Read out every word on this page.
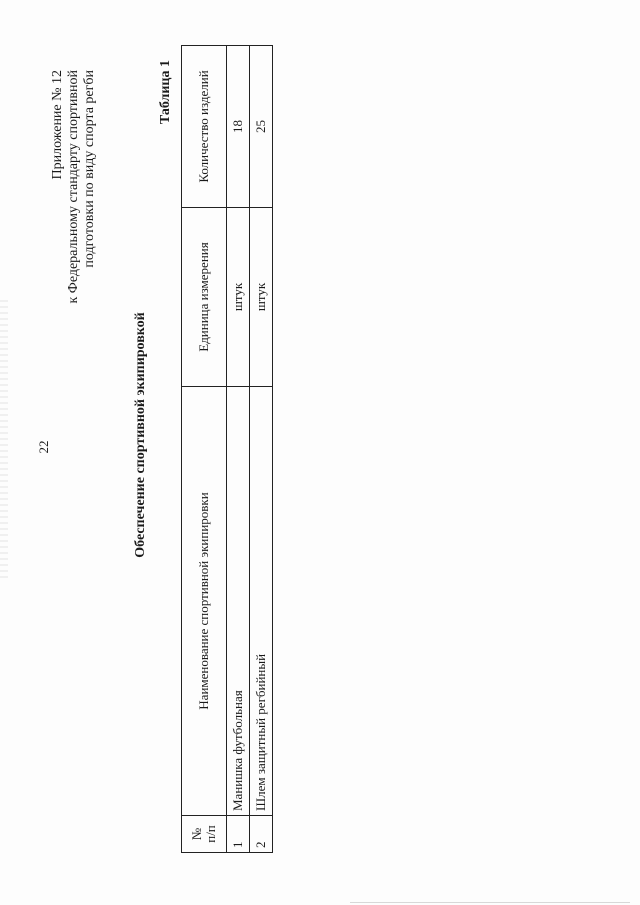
22
Приложение № 12 к Федеральному стандарту спортивной подготовки по виду спорта регби
Обеспечение спортивной экипировкой
Таблица 1
№
п/п	Наименование спортивной экипировки	Единица измерения	Количество изделий
1	Манишка футбольная	штук	18
2	Шлем защитный регбийный	штук	25
